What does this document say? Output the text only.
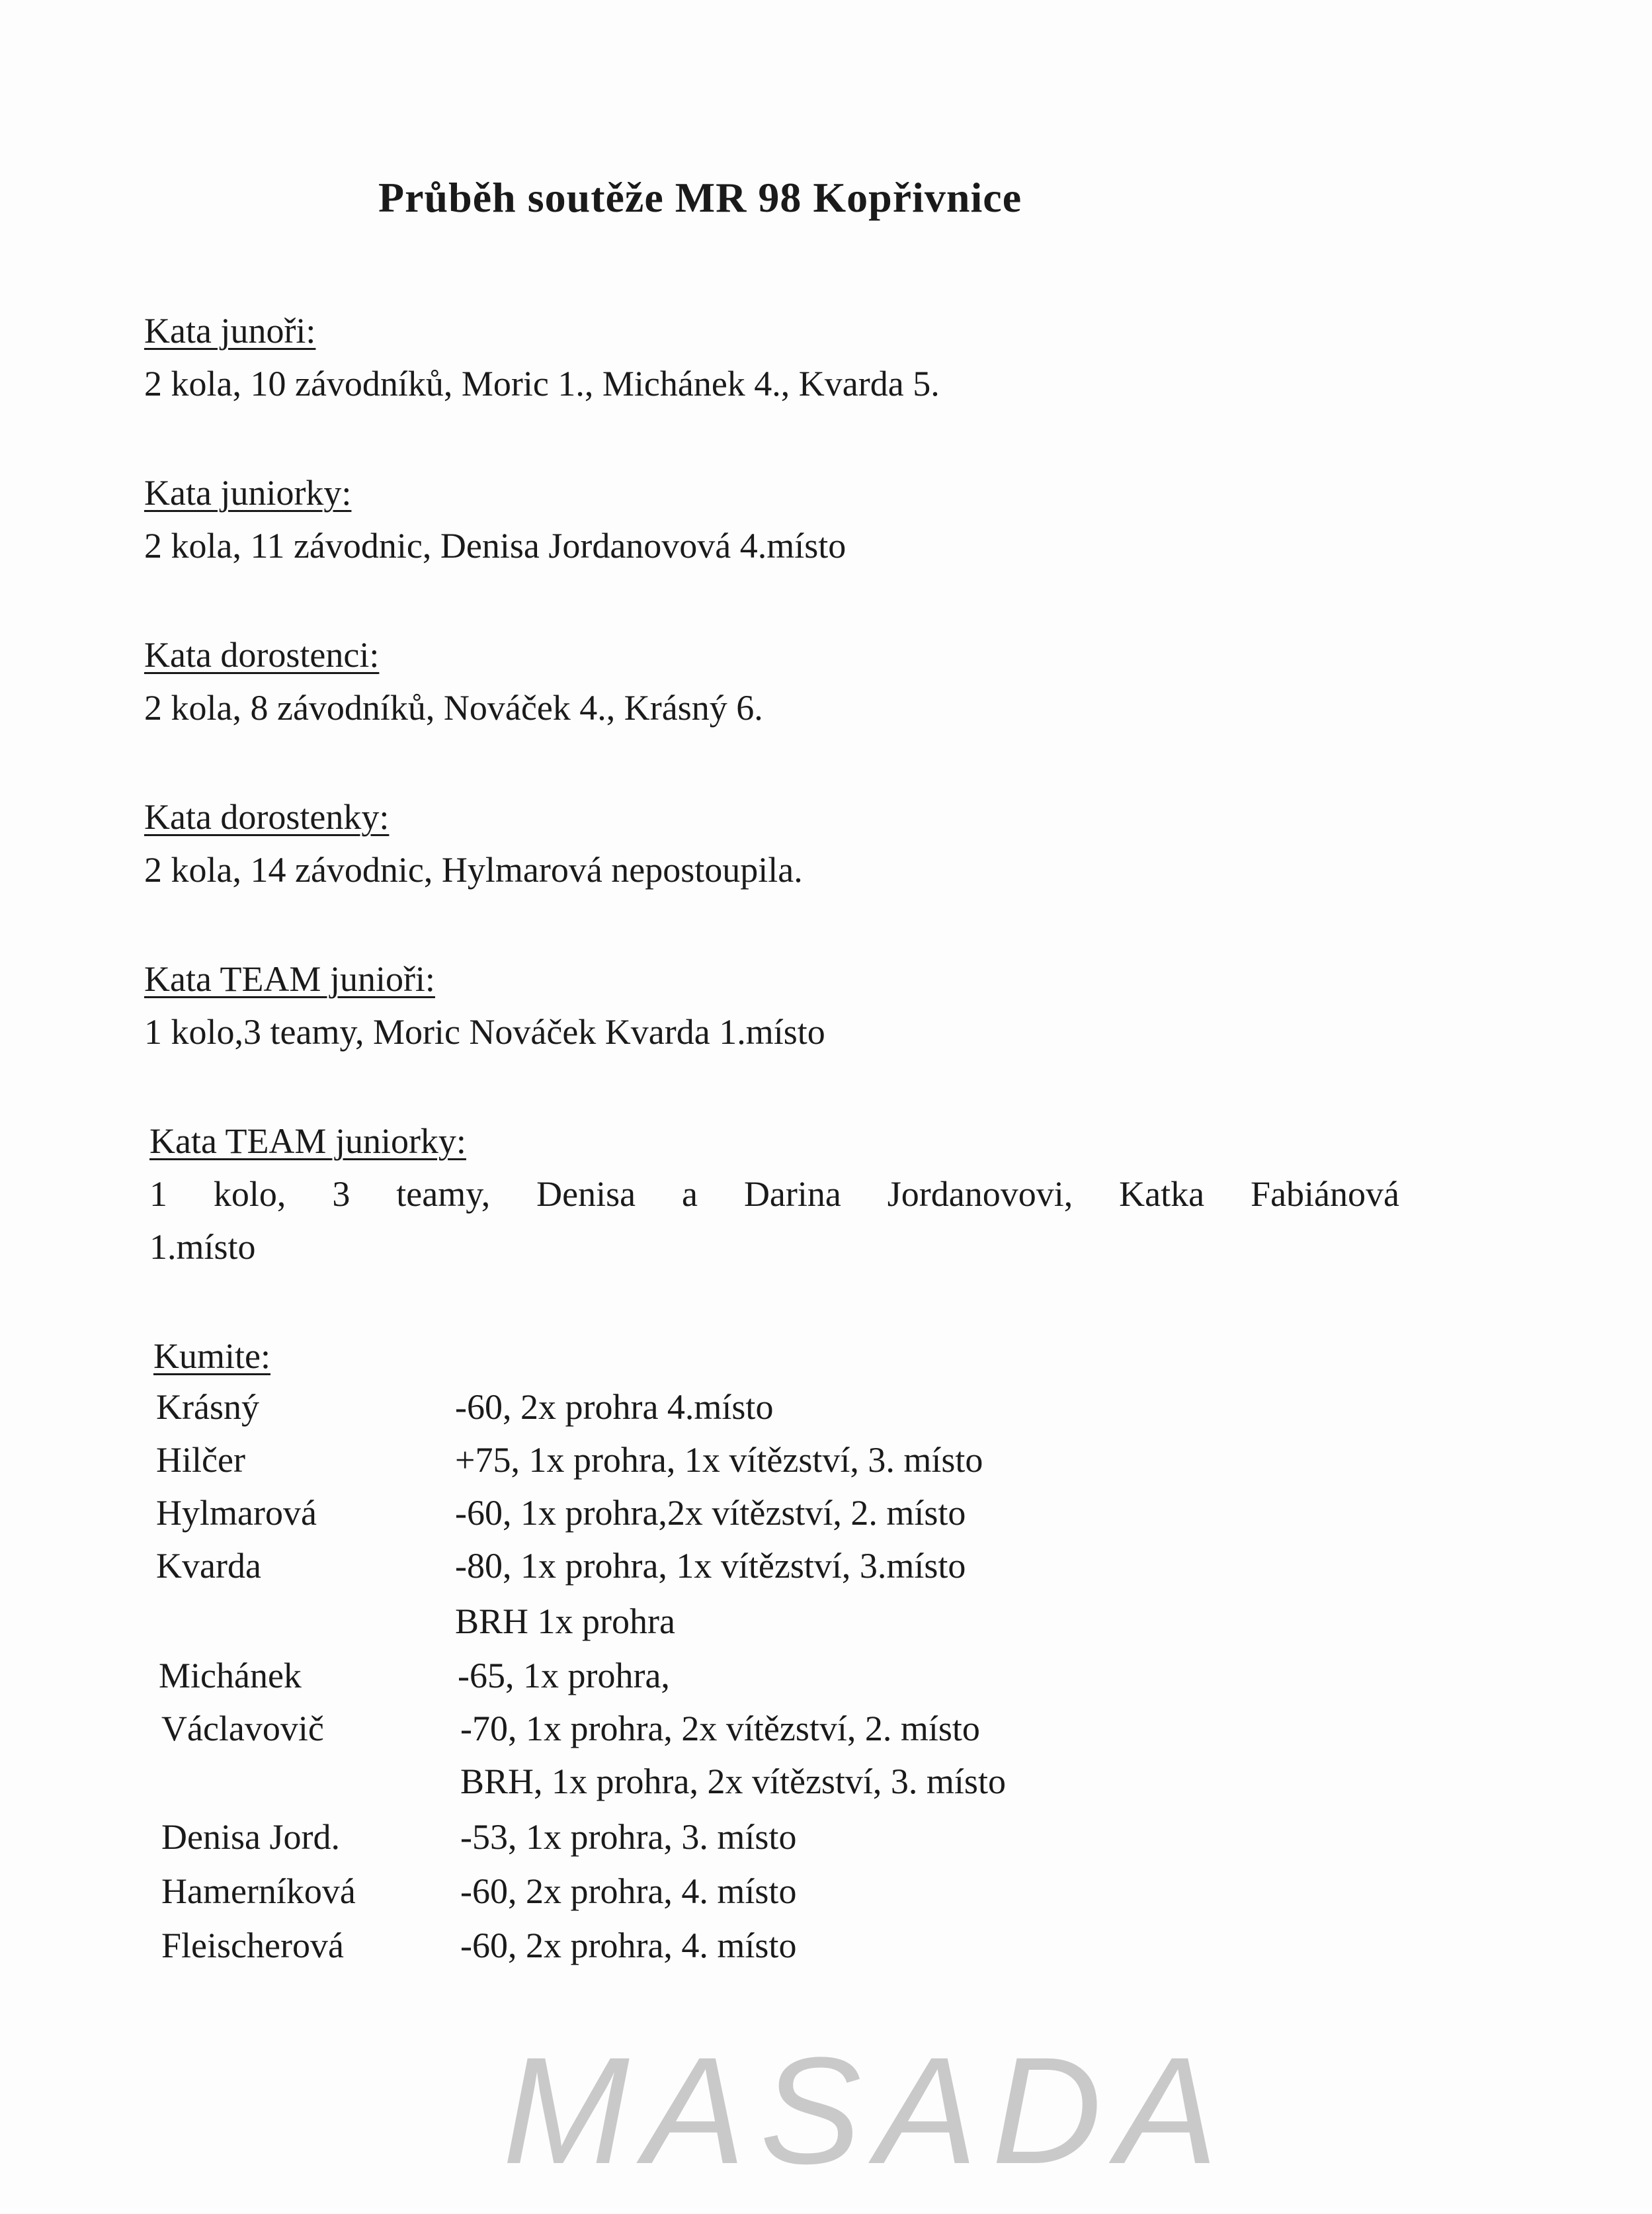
Průběh soutěže MR 98 Kopřivnice
Kata junoři:
2 kola, 10 závodníků, Moric 1., Michánek 4., Kvarda 5.
Kata juniorky:
2 kola, 11 závodnic, Denisa Jordanovová 4.místo
Kata dorostenci:
2 kola, 8 závodníků, Nováček 4., Krásný 6.
Kata dorostenky:
2 kola, 14 závodnic, Hylmarová nepostoupila.
Kata TEAM junioři:
1 kolo,3 teamy, Moric Nováček Kvarda 1.místo
Kata TEAM juniorky:
1 kolo, 3 teamy, Denisa a Darina Jordanovovi, Katka Fabiánová
1.místo
Kumite:
Krásný	-60, 2x prohra 4.místo
Hilčer	+75, 1x prohra, 1x vítězství, 3. místo
Hylmarová	-60, 1x prohra,2x vítězství, 2. místo
Kvarda	-80, 1x prohra, 1x vítězství, 3.místo
BRH 1x prohra
Michánek	-65, 1x prohra,
Václavovič	-70, 1x prohra, 2x vítězství, 2. místo
BRH, 1x prohra, 2x vítězství, 3. místo
Denisa Jord.	-53, 1x prohra, 3. místo
Hamerníková	-60, 2x prohra, 4. místo
Fleischerová	-60, 2x prohra, 4. místo
MASADA
